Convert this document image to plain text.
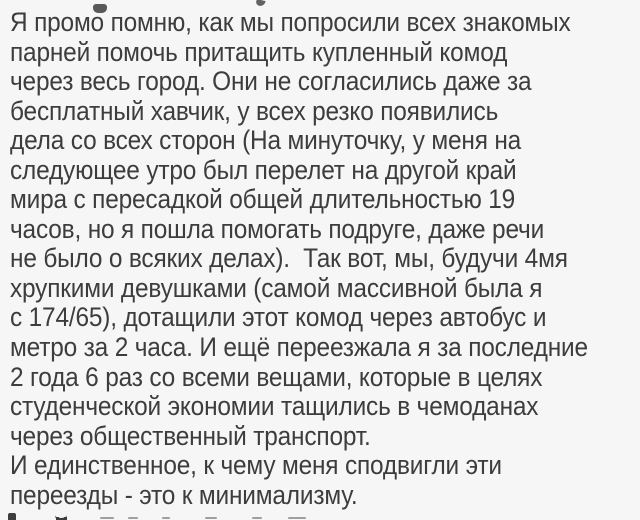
Я промо помню, как мы попросили всех знакомых
парней помочь притащить купленный комод
через весь город. Они не согласились даже за
бесплатный хавчик, у всех резко появились
дела со всех сторон (На минуточку, у меня на
следующее утро был перелет на другой край
мира с пересадкой общей длительностью 19
часов, но я пошла помогать подруге, даже речи
не было о всяких делах).  Так вот, мы, будучи 4мя
хрупкими девушками (самой массивной была я
с 174/65), дотащили этот комод через автобус и
метро за 2 часа. И ещё переезжала я за последние
2 года 6 раз со всеми вещами, которые в целях
студенческой экономии тащились в чемоданах
через общественный транспорт.
И единственное, к чему меня сподвигли эти
переезды - это к минимализму.
